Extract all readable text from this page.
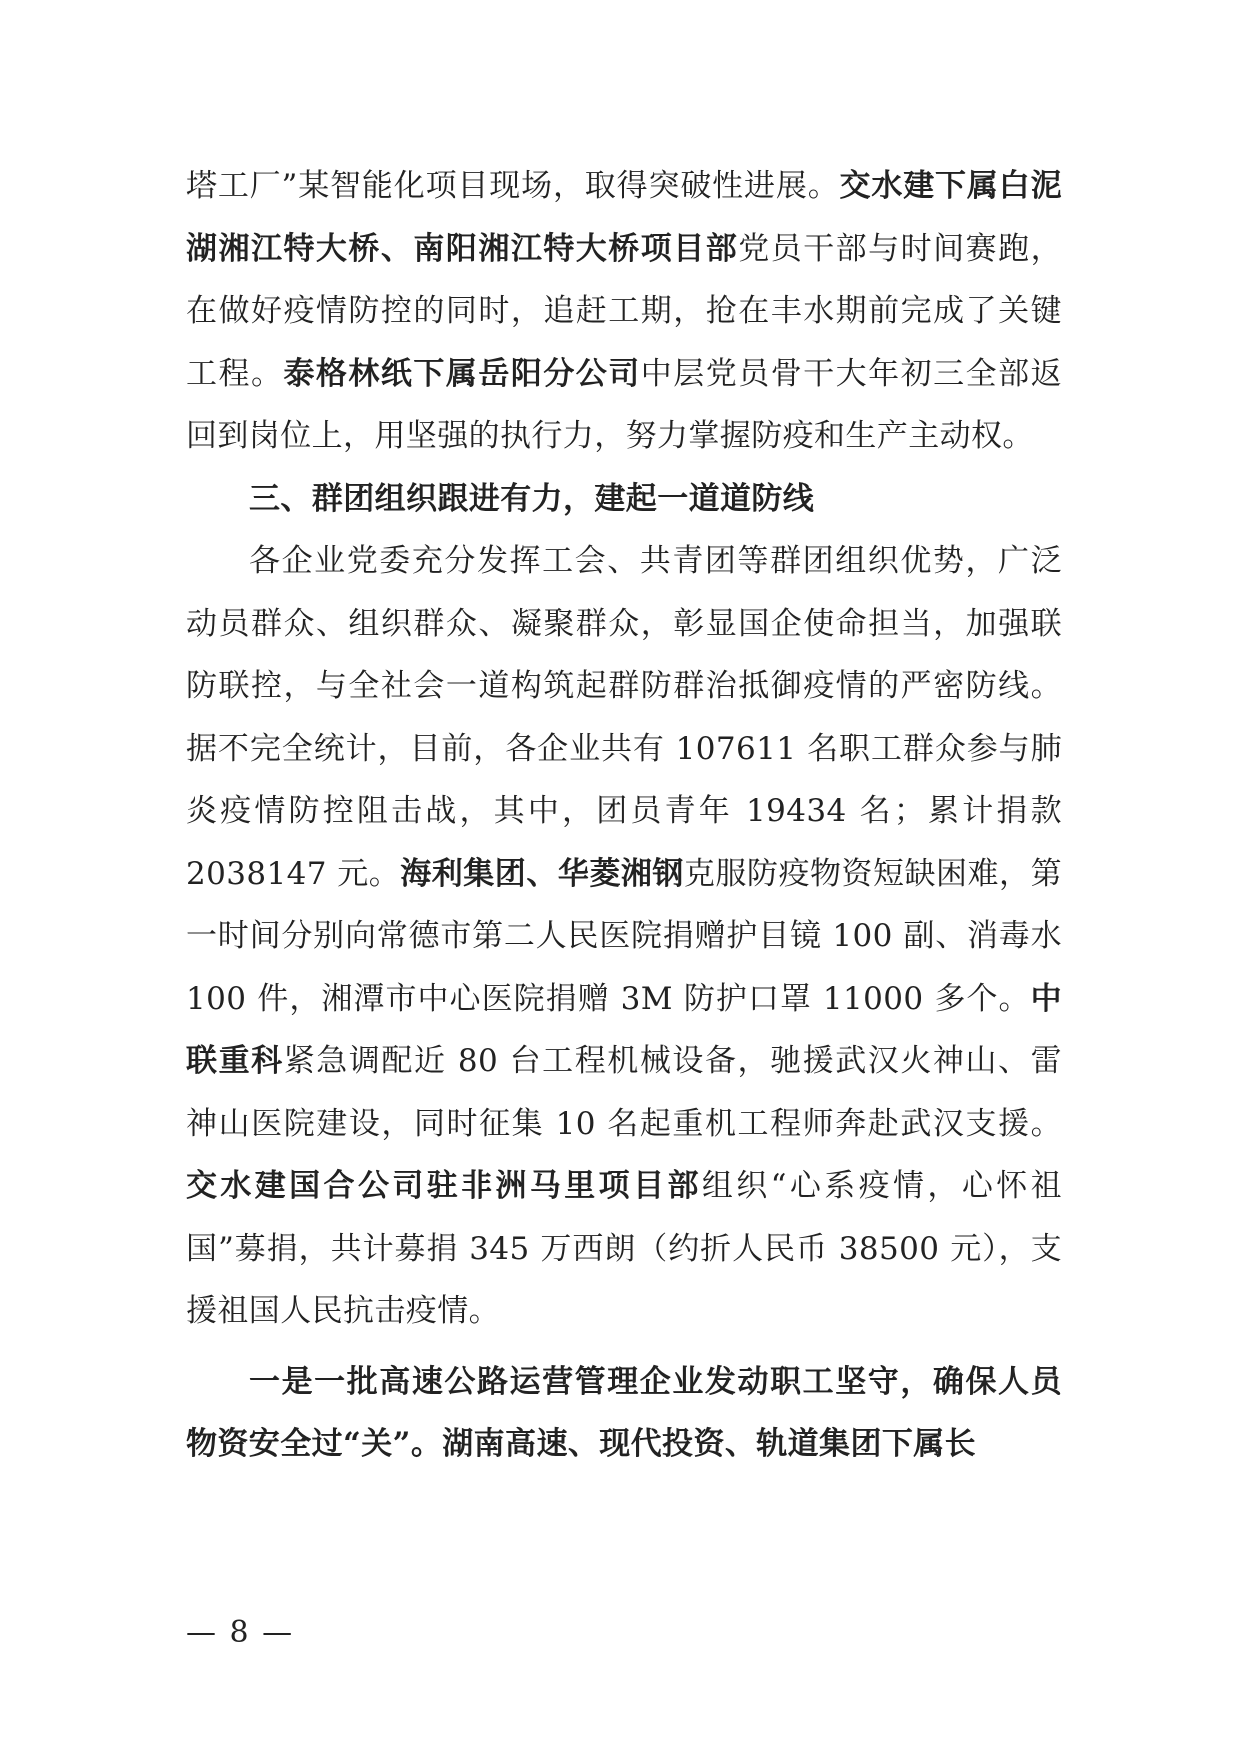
塔工厂”某智能化项目现场，取得突破性进展。交水建下属白泥湖湘江特大桥、南阳湘江特大桥项目部党员干部与时间赛跑，在做好疫情防控的同时，追赶工期，抢在丰水期前完成了关键工程。泰格林纸下属岳阳分公司中层党员骨干大年初三全部返回到岗位上，用坚强的执行力，努力掌握防疫和生产主动权。

三、群团组织跟进有力，建起一道道防线

各企业党委充分发挥工会、共青团等群团组织优势，广泛动员群众、组织群众、凝聚群众，彰显国企使命担当，加强联防联控，与全社会一道构筑起群防群治抵御疫情的严密防线。据不完全统计，目前，各企业共有 107611 名职工群众参与肺炎疫情防控阻击战，其中，团员青年 19434 名；累计捐款 2038147 元。海利集团、华菱湘钢克服防疫物资短缺困难，第一时间分别向常德市第二人民医院捐赠护目镜 100 副、消毒水 100 件，湘潭市中心医院捐赠 3M 防护口罩 11000 多个。中联重科紧急调配近 80 台工程机械设备，驰援武汉火神山、雷神山医院建设，同时征集 10 名起重机工程师奔赴武汉支援。交水建国合公司驻非洲马里项目部组织“心系疫情，心怀祖国”募捐，共计募捐 345 万西朗（约折人民币 38500 元），支援祖国人民抗击疫情。

一是一批高速公路运营管理企业发动职工坚守，确保人员物资安全过“关”。湖南高速、现代投资、轨道集团下属长

— 8 —
